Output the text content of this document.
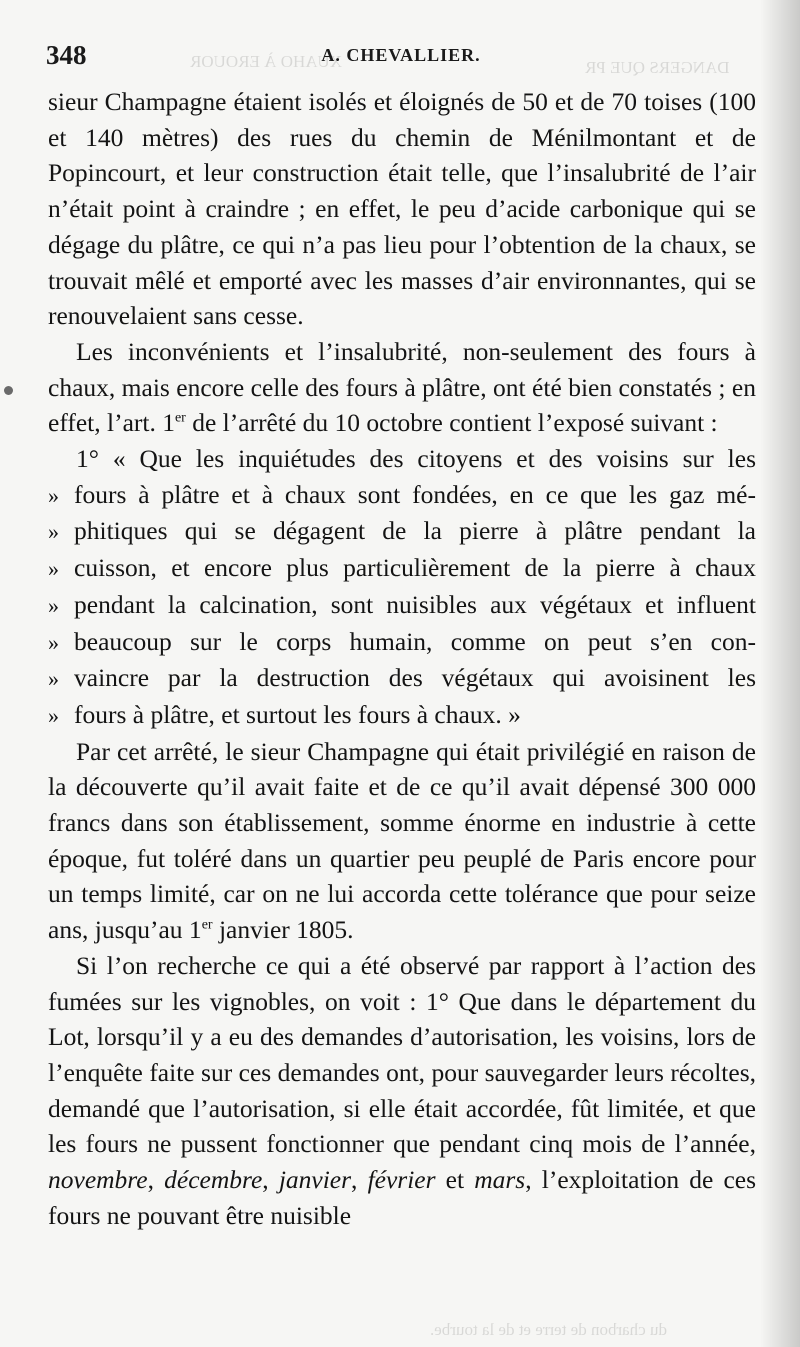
XUAHO À EROUOR	DANGERS QUE PR
348	A. CHEVALLIER.

sieur Champagne étaient isolés et éloignés de 50 et de 70 toises (100 et 140 mètres) des rues du chemin de Ménilmontant et de Popincourt, et leur construction était telle, que l’insalubrité de l’air n’était point à craindre ; en effet, le peu d’acide carbonique qui se dégage du plâtre, ce qui n’a pas lieu pour l’obtention de la chaux, se trouvait mêlé et emporté avec les masses d’air environnantes, qui se renouvelaient sans cesse.

Les inconvénients et l’insalubrité, non-seulement des fours à chaux, mais encore celle des fours à plâtre, ont été bien constatés ; en effet, l’art. 1er de l’arrêté du 10 octobre contient l’exposé suivant :

1° « Que les inquiétudes des citoyens et des voisins sur les
» fours à plâtre et à chaux sont fondées, en ce que les gaz mé-
» phitiques qui se dégagent de la pierre à plâtre pendant la
» cuisson, et encore plus particulièrement de la pierre à chaux
» pendant la calcination, sont nuisibles aux végétaux et influent
» beaucoup sur le corps humain, comme on peut s’en con-
» vaincre par la destruction des végétaux qui avoisinent les
» fours à plâtre, et surtout les fours à chaux. »

Par cet arrêté, le sieur Champagne qui était privilégié en raison de la découverte qu’il avait faite et de ce qu’il avait dépensé 300 000 francs dans son établissement, somme énorme en industrie à cette époque, fut toléré dans un quartier peu peuplé de Paris encore pour un temps limité, car on ne lui accorda cette tolérance que pour seize ans, jusqu’au 1er janvier 1805.

Si l’on recherche ce qui a été observé par rapport à l’action des fumées sur les vignobles, on voit : 1° Que dans le département du Lot, lorsqu’il y a eu des demandes d’autorisation, les voisins, lors de l’enquête faite sur ces demandes ont, pour sauvegarder leurs récoltes, demandé que l’autorisation, si elle était accordée, fût limitée, et que les fours ne pussent fonctionner que pendant cinq mois de l’année, novembre, décembre, janvier, février et mars, l’exploitation de ces fours ne pouvant être nuisible

du charbon de terre et de la tourbe.
